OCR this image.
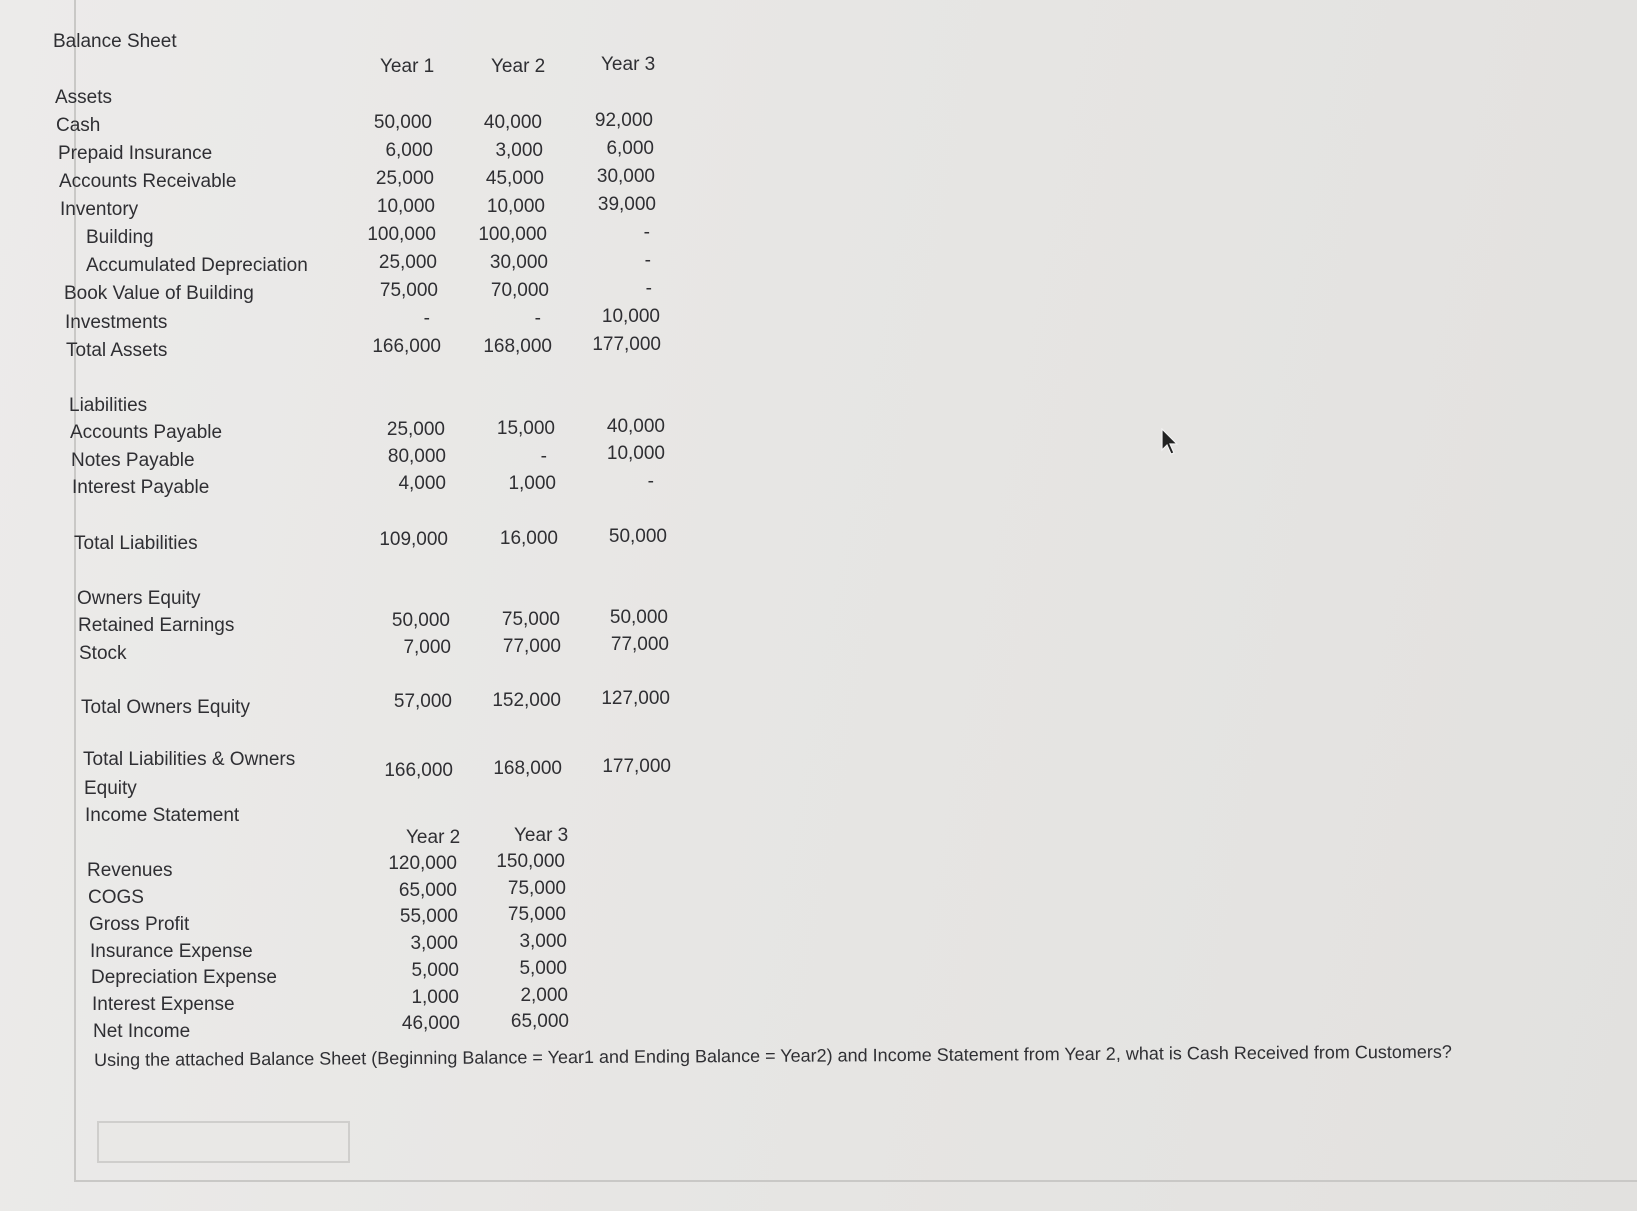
Balance Sheet
Year 1	Year 2	Year 3
Assets
Cash	50,000	40,000	92,000
Prepaid Insurance	6,000	3,000	6,000
Accounts Receivable	25,000	45,000	30,000
Inventory	10,000	10,000	39,000
Building	100,000	100,000	-
Accumulated Depreciation	25,000	30,000	-
Book Value of Building	75,000	70,000	-
Investments	-	-	10,000
Total Assets	166,000	168,000	177,000
Liabilities
Accounts Payable	25,000	15,000	40,000
Notes Payable	80,000	-	10,000
Interest Payable	4,000	1,000	-
Total Liabilities	109,000	16,000	50,000
Owners Equity
Retained Earnings	50,000	75,000	50,000
Stock	7,000	77,000	77,000
Total Owners Equity	57,000	152,000	127,000
Total Liabilities & Owners
Equity
166,000	168,000	177,000
Income Statement
Year 2	Year 3
Revenues	120,000	150,000
COGS	65,000	75,000
Gross Profit	55,000	75,000
Insurance Expense	3,000	3,000
Depreciation Expense	5,000	5,000
Interest Expense	1,000	2,000
Net Income	46,000	65,000
Using the attached Balance Sheet (Beginning Balance = Year1 and Ending Balance = Year2) and Income Statement from Year 2, what is Cash Received from Customers?
